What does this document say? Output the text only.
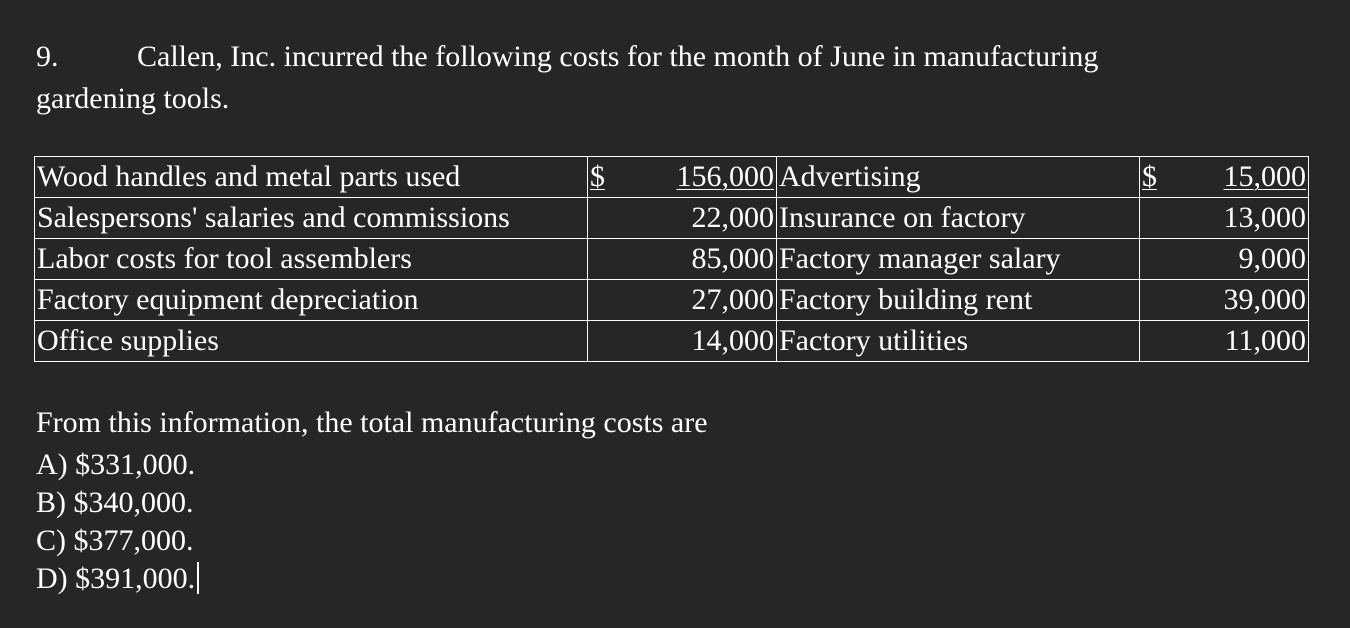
9.	Callen, Inc. incurred the following costs for the month of June in manufacturing
gardening tools.
Wood handles and metal parts used	$ 156,000	Advertising	$ 15,000

Salespersons' salaries and commissions	22,000	Insurance on factory	13,000
Labor costs for tool assemblers	85,000	Factory manager salary	9,000
Factory equipment depreciation	27,000	Factory building rent	39,000
Office supplies	14,000	Factory utilities	11,000
From this information, the total manufacturing costs are
A) $331,000.
B) $340,000.
C) $377,000.
D) $391,000.
